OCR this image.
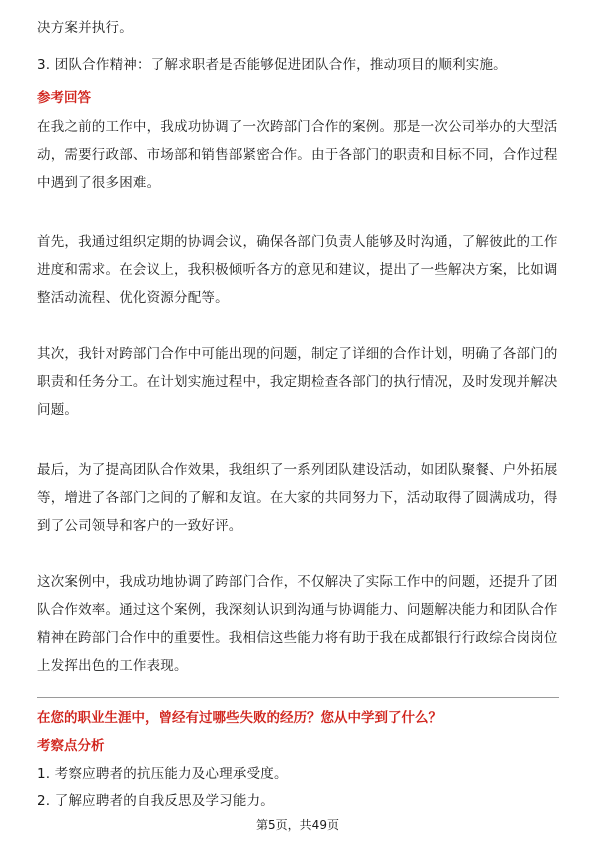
决方案并执行。

3. 团队合作精神：了解求职者是否能够促进团队合作，推动项目的顺利实施。

参考回答

在我之前的工作中，我成功协调了一次跨部门合作的案例。那是一次公司举办的大型活动，需要行政部、市场部和销售部紧密合作。由于各部门的职责和目标不同，合作过程中遇到了很多困难。

首先，我通过组织定期的协调会议，确保各部门负责人能够及时沟通，了解彼此的工作进度和需求。在会议上，我积极倾听各方的意见和建议，提出了一些解决方案，比如调整活动流程、优化资源分配等。

其次，我针对跨部门合作中可能出现的问题，制定了详细的合作计划，明确了各部门的职责和任务分工。在计划实施过程中，我定期检查各部门的执行情况，及时发现并解决问题。

最后，为了提高团队合作效果，我组织了一系列团队建设活动，如团队聚餐、户外拓展等，增进了各部门之间的了解和友谊。在大家的共同努力下，活动取得了圆满成功，得到了公司领导和客户的一致好评。

这次案例中，我成功地协调了跨部门合作，不仅解决了实际工作中的问题，还提升了团队合作效率。通过这个案例，我深刻认识到沟通与协调能力、问题解决能力和团队合作精神在跨部门合作中的重要性。我相信这些能力将有助于我在成都银行行政综合岗岗位上发挥出色的工作表现。

在您的职业生涯中，曾经有过哪些失败的经历？您从中学到了什么？

考察点分析

1. 考察应聘者的抗压能力及心理承受度。

2. 了解应聘者的自我反思及学习能力。

第5页，共49页
